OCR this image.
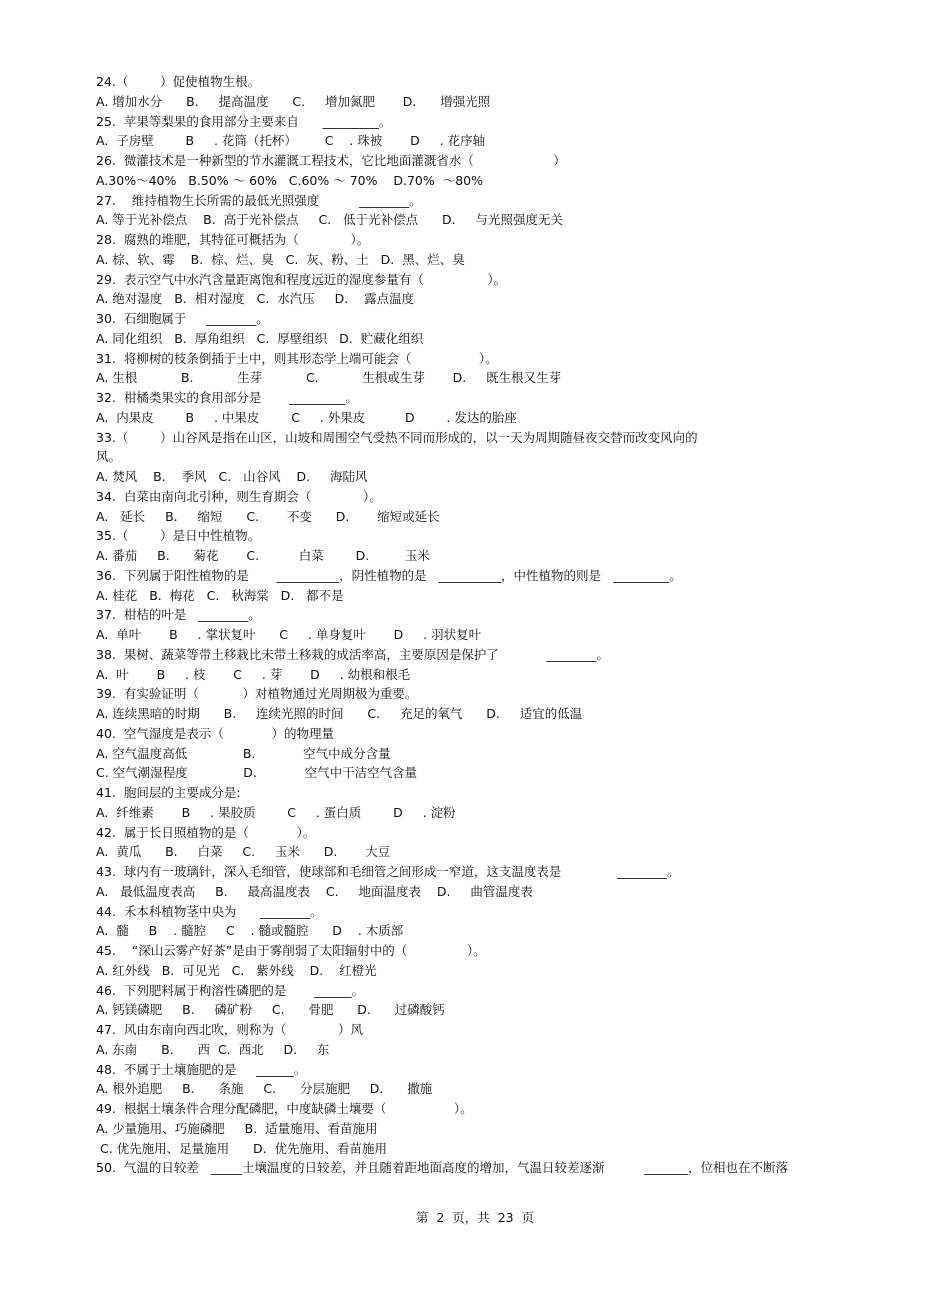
24.（        ）促使植物生根。
A. 增加水分      B.     提高温度      C.     增加氮肥       D.      增强光照
25.  苹果等梨果的食用部分主要来自      _________。
A.  子房壁        B     . 花筒（托杯）       C    . 珠被       D     . 花序轴
26.  微灌技术是一种新型的节水灌溉工程技术，它比地面灌溉省水（                    ）
A.30%～40%   B.50% ～ 60%   C.60% ～ 70%    D.70%  ～80%
27.    维持植物生长所需的最低光照强度          ________。
A. 等于光补偿点    B.  高于光补偿点     C.   低于光补偿点      D.     与光照强度无关
28.  腐熟的堆肥，其特征可概括为（             ）。
A. 棕、软、霉    B.  棕、烂、臭   C.  灰、粉、土   D.  黑、烂、臭
29.  表示空气中水汽含量距离饱和程度远近的湿度参量有（                ）。
A. 绝对湿度   B.  相对湿度   C.  水汽压     D.    露点温度
30.  石细胞属于     ________。
A. 同化组织   B.  厚角组织   C.  厚壁组织   D.  贮藏化组织
31.  将柳树的枝条倒插于土中，则其形态学上端可能会（                 ）。
A. 生根           B.           生芽           C.           生根或生芽       D.     既生根又生芽
32.  柑橘类果实的食用部分是       _________。
A.  内果皮        B     . 中果皮        C     . 外果皮          D        . 发达的胎座
33.（        ）山谷风是指在山区，山坡和周围空气受热不同而形成的，以一天为周期随昼夜交替而改变风向的
风。
A. 焚风    B.    季风   C.   山谷风    D.     海陆风
34.  白菜由南向北引种，则生育期会（             ）。
A.   延长     B.     缩短      C.       不变      D.       缩短或延长
35.（        ）是日中性植物。
A. 番茄     B.      菊花       C.          白菜        D.         玉米
36.  下列属于阳性植物的是       __________，阴性植物的是   __________，中性植物的则是   _________。
A. 桂花   B.  梅花   C.   秋海棠   D.   都不是
37.  柑桔的叶是   ________。
A.  单叶       B     . 掌状复叶      C     . 单身复叶       D     . 羽状复叶
38.  果树、蔬菜等带土移栽比未带土移栽的成活率高，主要原因是保护了            ________。
A.  叶       B     . 枝       C     . 芽       D     . 幼根和根毛
39.  有实验证明（           ）对植物通过光周期极为重要。
A. 连续黑暗的时期      B.     连续光照的时间      C.     充足的氧气      D.     适宜的低温
40.  空气湿度是表示（            ）的物理量
A. 空气温度高低              B.            空气中成分含量
C. 空气潮湿程度              D.            空气中干洁空气含量
41.  胞间层的主要成分是:
A.  纤维素       B     . 果胶质        C     . 蛋白质        D     . 淀粉
42.  属于长日照植物的是（            ）。
A.  黄瓜      B.     白菜     C.     玉米      D.       大豆
43.  球内有一玻璃针，深入毛细管，使球部和毛细管之间形成一窄道，这支温度表是              ________。
A.   最低温度表高     B.     最高温度表    C.     地面温度表    D.     曲管温度表
44.  禾本科植物茎中央为      ________。
A.  髓     B    . 髓腔     C    . 髓或髓腔      D    . 木质部
45.    “深山云雾产好茶”是由于雾削弱了太阳辐射中的（               ）。
A. 红外线   B.  可见光   C.   紫外线    D.    红橙光
46.  下列肥料属于枸溶性磷肥的是       ______。
A. 钙镁磷肥     B.     磷矿粉     C.      骨肥      D.      过磷酸钙
47.  风由东南向西北吹，则称为（             ）风
A. 东南      B.      西  C.  西北     D.     东
48.  不属于土壤施肥的是     ______。
A. 根外追肥     B.      条施     C.      分层施肥     D.      撒施
49.  根据土壤条件合理分配磷肥，中度缺磷土壤要（                 ）。
A. 少量施用、巧施磷肥     B.  适量施用、看苗施用
C. 优先施用、足量施用      D.  优先施用、看苗施用
50.  气温的日较差   _____土壤温度的日较差，并且随着距地面高度的增加，气温日较差逐渐          _______，位相也在不断落
第  2  页，共  23  页
